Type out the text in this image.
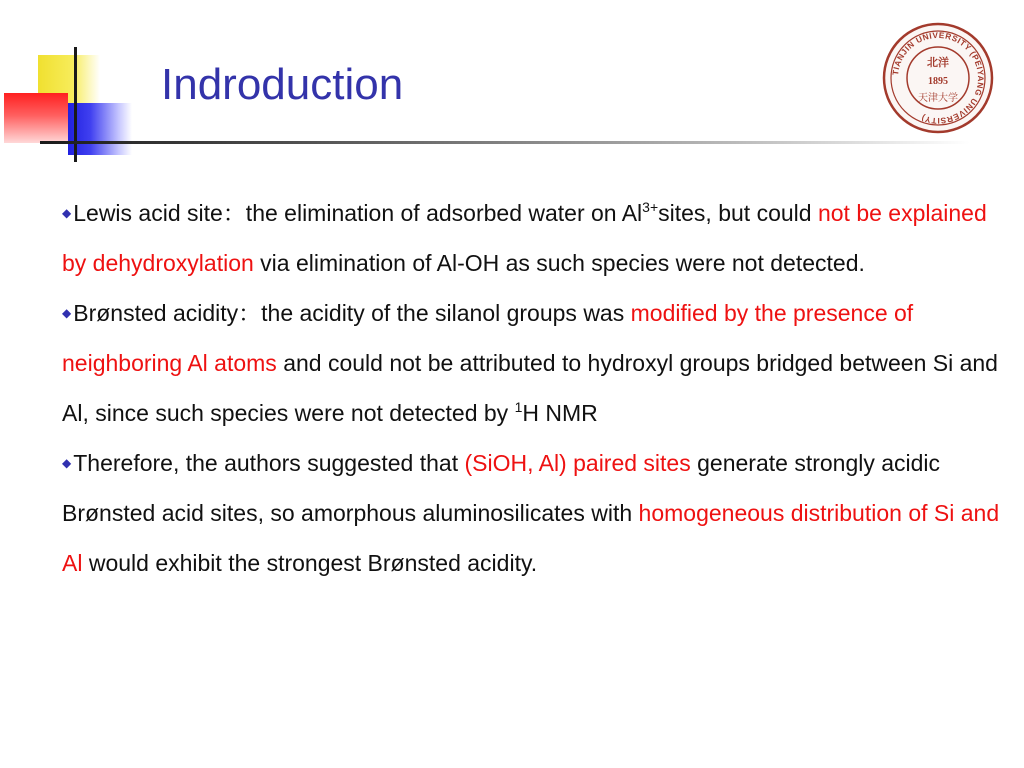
Indroduction	TIANJIN UNIVERSITY (PEIYANG UNIVERSITY)
北洋
1895
天津大学

◆Lewis acid site：the elimination of adsorbed water on $Al^{3+}sites$, but could not be explained by dehydroxylation via elimination of Al-OH as such species were not detected.

◆Brønsted acidity：the acidity of the silanol groups was modified by the presence of neighboring Al atoms and could not be attributed to hydroxyl groups bridged between Si and Al, since such species were not detected by $^1$H NMR

◆Therefore, the authors suggested that (SiOH, Al) paired sites generate strongly acidic Brønsted acid sites, so amorphous aluminosilicates with homogeneous distribution of Si and Al would exhibit the strongest Brønsted acidity.
